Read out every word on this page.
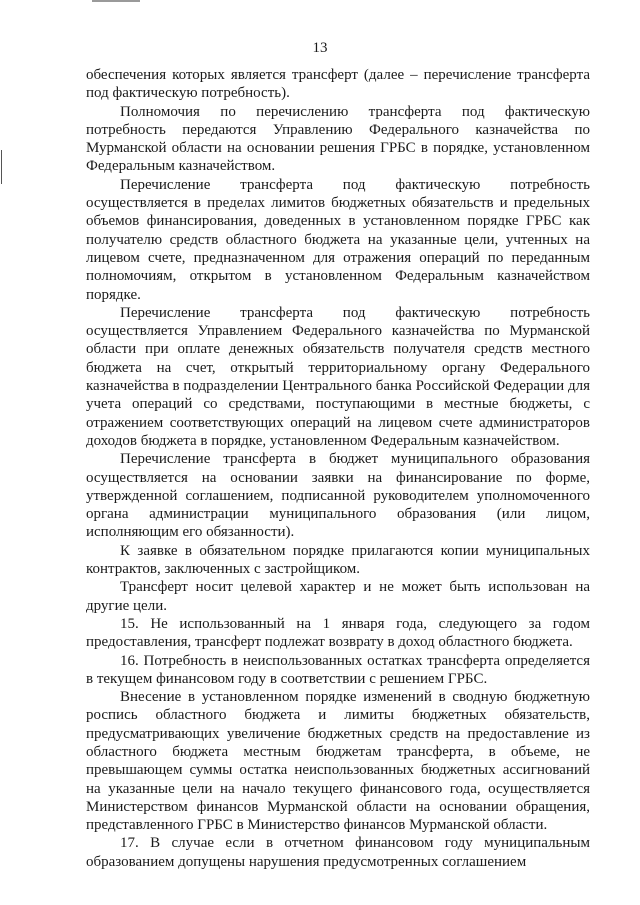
13

обеспечения которых является трансферт (далее – перечисление трансферта под фактическую потребность).

Полномочия по перечислению трансферта под фактическую потребность передаются Управлению Федерального казначейства по Мурманской области на основании решения ГРБС в порядке, установленном Федеральным казначейством.

Перечисление трансферта под фактическую потребность осуществляется в пределах лимитов бюджетных обязательств и предельных объемов финансирования, доведенных в установленном порядке ГРБС как получателю средств областного бюджета на указанные цели, учтенных на лицевом счете, предназначенном для отражения операций по переданным полномочиям, открытом в установленном Федеральным казначейством порядке.

Перечисление трансферта под фактическую потребность осуществляется Управлением Федерального казначейства по Мурманской области при оплате денежных обязательств получателя средств местного бюджета на счет, открытый территориальному органу Федерального казначейства в подразделении Центрального банка Российской Федерации для учета операций со средствами, поступающими в местные бюджеты, с отражением соответствующих операций на лицевом счете администраторов доходов бюджета в порядке, установленном Федеральным казначейством.

Перечисление трансферта в бюджет муниципального образования осуществляется на основании заявки на финансирование по форме, утвержденной соглашением, подписанной руководителем уполномоченного органа администрации муниципального образования (или лицом, исполняющим его обязанности).

К заявке в обязательном порядке прилагаются копии муниципальных контрактов, заключенных с застройщиком.

Трансферт носит целевой характер и не может быть использован на другие цели.

15. Не использованный на 1 января года, следующего за годом предоставления, трансферт подлежат возврату в доход областного бюджета.

16. Потребность в неиспользованных остатках трансферта определяется в текущем финансовом году в соответствии с решением ГРБС.

Внесение в установленном порядке изменений в сводную бюджетную роспись областного бюджета и лимиты бюджетных обязательств, предусматривающих увеличение бюджетных средств на предоставление из областного бюджета местным бюджетам трансферта, в объеме, не превышающем суммы остатка неиспользованных бюджетных ассигнований на указанные цели на начало текущего финансового года, осуществляется Министерством финансов Мурманской области на основании обращения, представленного ГРБС в Министерство финансов Мурманской области.

17. В случае если в отчетном финансовом году муниципальным образованием допущены нарушения предусмотренных соглашением
